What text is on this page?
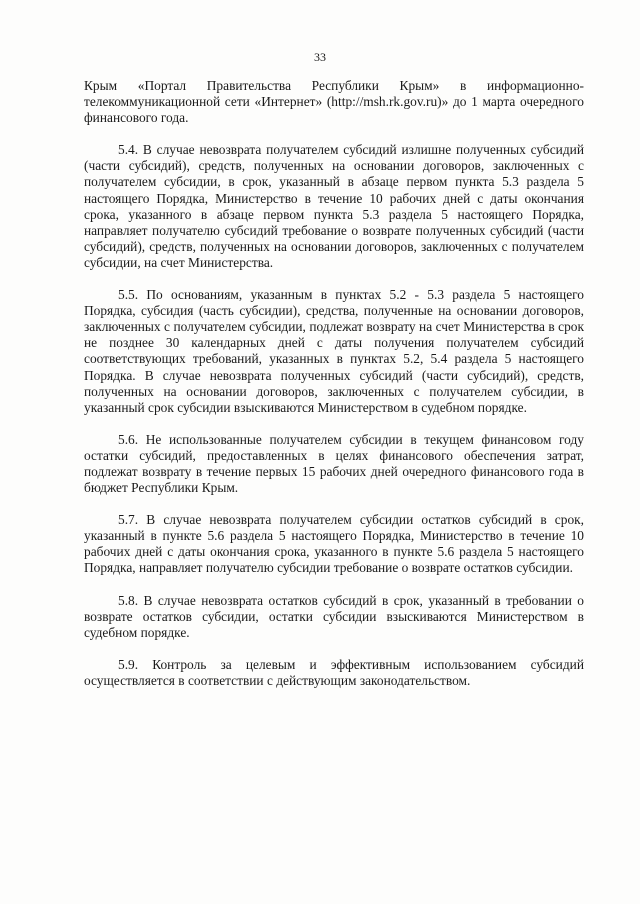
33

Крым «Портал Правительства Республики Крым» в информационно-телекоммуникационной сети «Интернет» (http://msh.rk.gov.ru)» до 1 марта очередного финансового года.

5.4. В случае невозврата получателем субсидий излишне полученных субсидий (части субсидий), средств, полученных на основании договоров, заключенных с получателем субсидии, в срок, указанный в абзаце первом пункта 5.3 раздела 5 настоящего Порядка, Министерство в течение 10 рабочих дней с даты окончания срока, указанного в абзаце первом пункта 5.3 раздела 5 настоящего Порядка, направляет получателю субсидий требование о возврате полученных субсидий (части субсидий), средств, полученных на основании договоров, заключенных с получателем субсидии, на счет Министерства.

5.5. По основаниям, указанным в пунктах 5.2 - 5.3 раздела 5 настоящего Порядка, субсидия (часть субсидии), средства, полученные на основании договоров, заключенных с получателем субсидии, подлежат возврату на счет Министерства в срок не позднее 30 календарных дней с даты получения получателем субсидий соответствующих требований, указанных в пунктах 5.2, 5.4 раздела 5 настоящего Порядка. В случае невозврата полученных субсидий (части субсидий), средств, полученных на основании договоров, заключенных с получателем субсидии, в указанный срок субсидии взыскиваются Министерством в судебном порядке.

5.6. Не использованные получателем субсидии в текущем финансовом году остатки субсидий, предоставленных в целях финансового обеспечения затрат, подлежат возврату в течение первых 15 рабочих дней очередного финансового года в бюджет Республики Крым.

5.7. В случае невозврата получателем субсидии остатков субсидий в срок, указанный в пункте 5.6 раздела 5 настоящего Порядка, Министерство в течение 10 рабочих дней с даты окончания срока, указанного в пункте 5.6 раздела 5 настоящего Порядка, направляет получателю субсидии требование о возврате остатков субсидии.

5.8. В случае невозврата остатков субсидий в срок, указанный в требовании о возврате остатков субсидии, остатки субсидии взыскиваются Министерством в судебном порядке.

5.9. Контроль за целевым и эффективным использованием субсидий осуществляется в соответствии с действующим законодательством.
